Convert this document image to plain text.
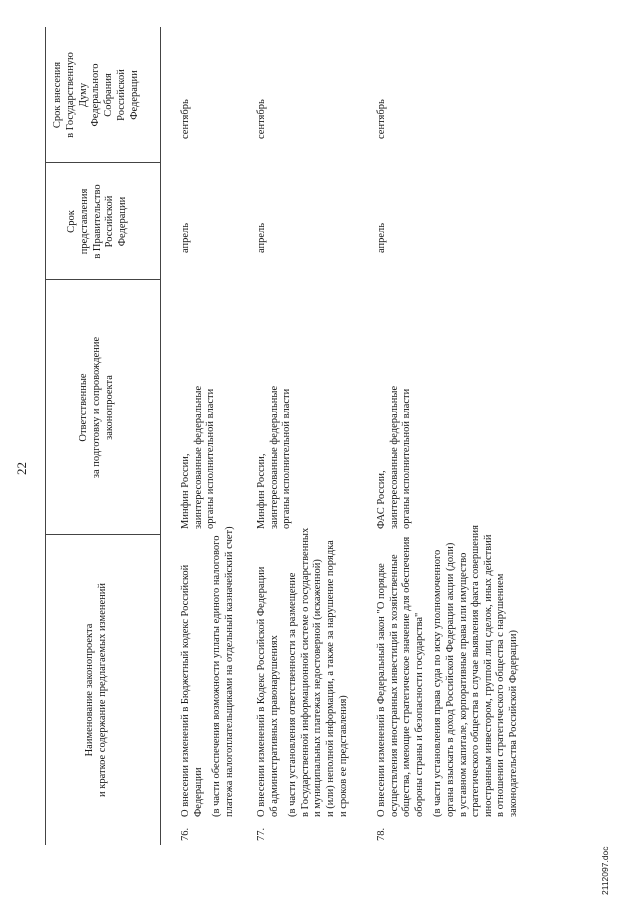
22
Наименование законопроекта и краткое содержание предлагаемых изменений
Ответственные за подготовку и сопровождение законопроекта
Срок представления в Правительство Российской Федерации
Срок внесения в Государственную Думу Федерального Собрания Российской Федерации
76.
О внесении изменений в Бюджетный кодекс Российской Федерации (в части обеспечения возможности уплаты единого налогового платежа налогоплательщиками на отдельный казначейский счет)
Минфин России, заинтересованные федеральные органы исполнительной власти
апрель
сентябрь
77.
О внесении изменений в Кодекс Российской Федерации об административных правонарушениях (в части установления ответственности за размещение в Государственной информационной системе о государственных и муниципальных платежах недостоверной (искаженной) и (или) неполной информации, а также за нарушение порядка и сроков ее представления)
Минфин России, заинтересованные федеральные органы исполнительной власти
апрель
сентябрь
78.
О внесении изменений в Федеральный закон "О порядке осуществления иностранных инвестиций в хозяйственные общества, имеющие стратегическое значение для обеспечения обороны страны и безопасности государства" (в части установления права суда по иску уполномоченного органа взыскать в доход Российской Федерации акции (доли) в уставном капитале, корпоративные права или имущество стратегического общества в случае выявления факта совершения иностранным инвестором, группой лиц сделок, иных действий в отношении стратегического общества с нарушением законодательства Российской Федерации)
ФАС России, заинтересованные федеральные органы исполнительной власти
апрель
сентябрь
2112097.doc
